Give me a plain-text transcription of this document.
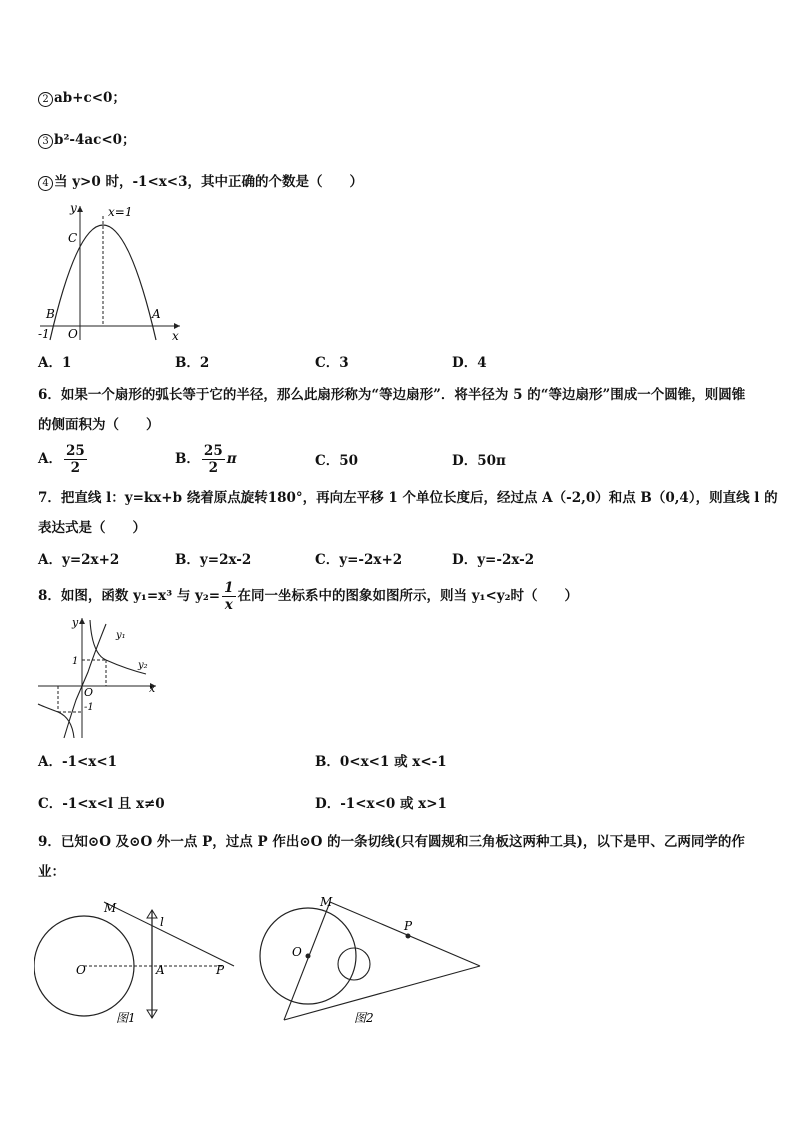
2 ab+c<0；
3 b²-4ac<0；
4 当 y>0 时，-1<x<3，其中正确的个数是（　　）
y
x
x=1
C
B	A
O
-1
A．1	B．2	C．3	D．4
6．如果一个扇形的弧长等于它的半径，那么此扇形称为“等边扇形”．将半径为 5 的“等边扇形”围成一个圆锥，则圆锥
的侧面积为（　　）
A． $\frac{25}{2}$	B． $\frac{25}{2}$ π	C．50	D．50π
7．把直线 l：y=kx+b 绕着原点旋转180°，再向左平移 1 个单位长度后，经过点 A（-2,0）和点 B（0,4），则直线 l 的
表达式是（　　）
A．y=2x+2	B．y=2x-2	C．y=-2x+2	D．y=-2x-2
8．如图，函数 y₁=x³ 与 $y_2= \frac{1}{x}$ 在同一坐标系中的图象如图所示，则当 y₁<y₂时（　　）
y
x
y₁
y₂
1
-1
O
A．-1<x<1	B．0<x<1 或 x<-1
C．-1<x<l 且 x≠0	D．-1<x<0 或 x>1
9．已知⊙O 及⊙O 外一点 P，过点 P 作出⊙O 的一条切线(只有圆规和三角板这两种工具)，以下是甲、乙两同学的作
业：
M
l
O	A	P
图1
M
P
O
图2
